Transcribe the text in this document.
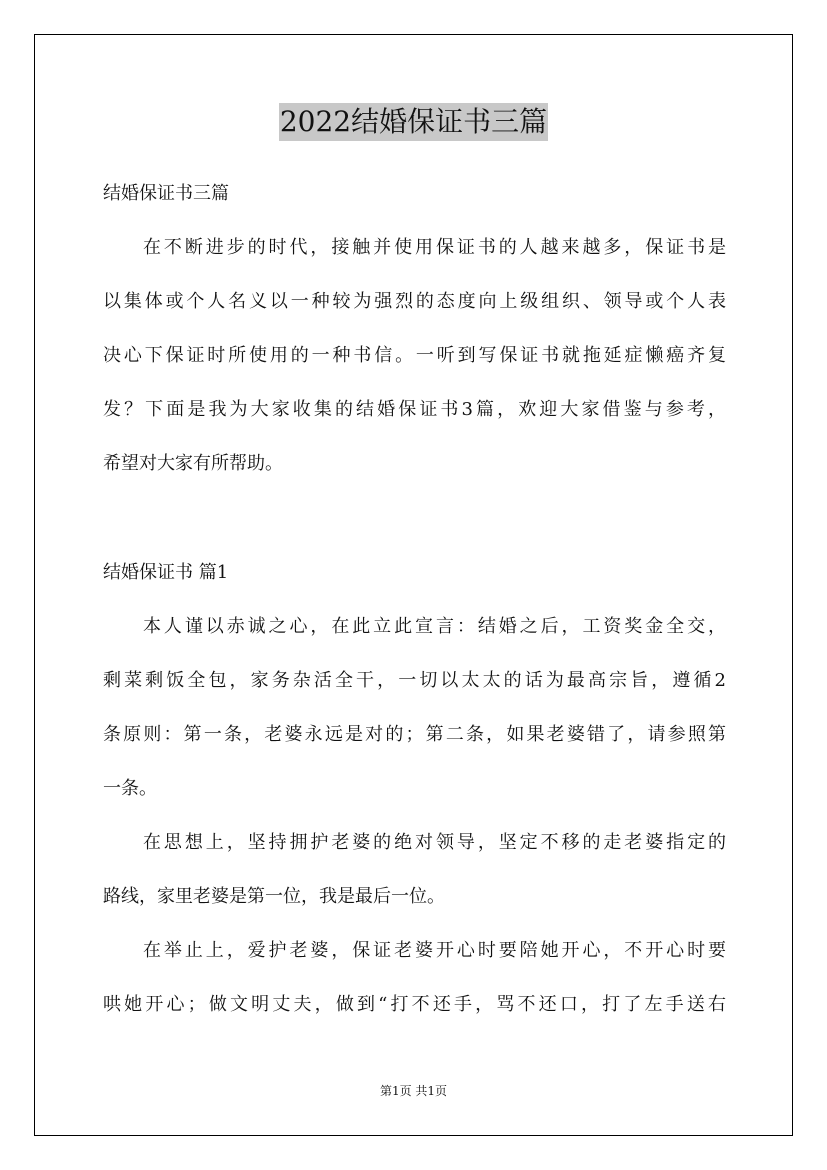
2022结婚保证书三篇
结婚保证书三篇
在不断进步的时代，接触并使用保证书的人越来越多，保证书是
以集体或个人名义以一种较为强烈的态度向上级组织、领导或个人表
决心下保证时所使用的一种书信。一听到写保证书就拖延症懒癌齐复
发？下面是我为大家收集的结婚保证书3篇，欢迎大家借鉴与参考，
希望对大家有所帮助。
结婚保证书 篇1
本人谨以赤诚之心，在此立此宣言：结婚之后，工资奖金全交，
剩菜剩饭全包，家务杂活全干，一切以太太的话为最高宗旨，遵循2
条原则：第一条，老婆永远是对的；第二条，如果老婆错了，请参照第
一条。
在思想上，坚持拥护老婆的绝对领导，坚定不移的走老婆指定的
路线，家里老婆是第一位，我是最后一位。
在举止上，爱护老婆，保证老婆开心时要陪她开心，不开心时要
哄她开心；做文明丈夫，做到“打不还手，骂不还口，打了左手送右
第1页 共1页
